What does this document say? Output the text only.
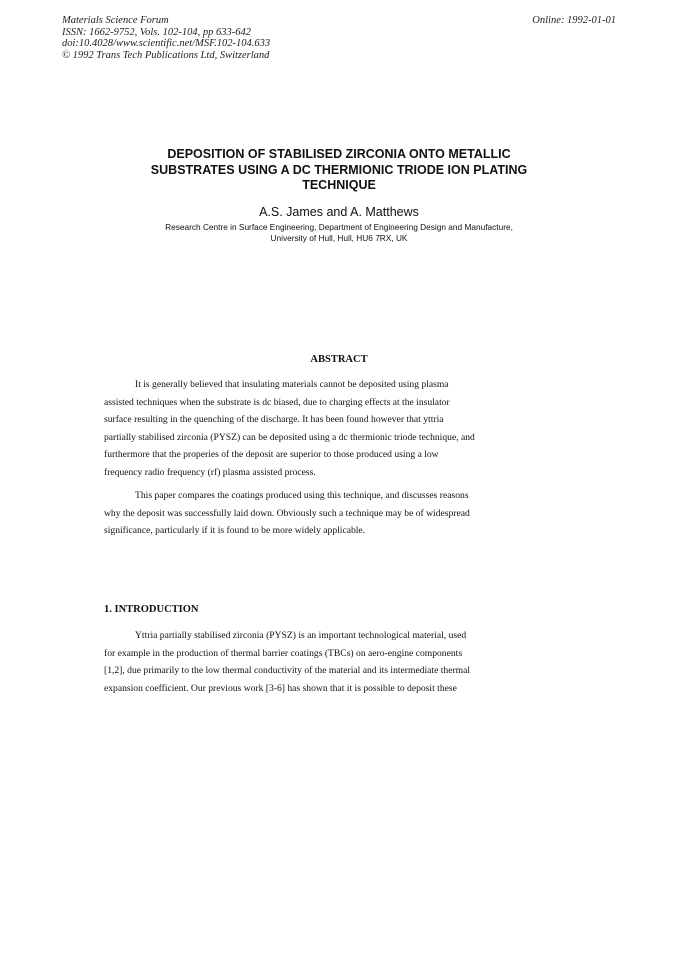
Materials Science Forum
ISSN: 1662-9752, Vols. 102-104, pp 633-642
doi:10.4028/www.scientific.net/MSF.102-104.633
© 1992 Trans Tech Publications Ltd, Switzerland
Online: 1992-01-01
DEPOSITION OF STABILISED ZIRCONIA ONTO METALLIC
SUBSTRATES USING A DC THERMIONIC TRIODE ION PLATING
TECHNIQUE
A.S. James and A. Matthews
Research Centre in Surface Engineering, Department of Engineering Design and Manufacture,
University of Hull, Hull, HU6 7RX, UK
ABSTRACT
It is generally believed that insulating materials cannot be deposited using plasma
assisted techniques when the substrate is dc biased, due to charging effects at the insulator
surface resulting in the quenching of the discharge. It has been found however that yttria
partially stabilised zirconia (PYSZ) can be deposited using a dc thermionic triode technique, and
furthermore that the properies of the deposit are superior to those produced using a low
frequency radio frequency (rf) plasma assisted process.
This paper compares the coatings produced using this technique, and discusses reasons
why the deposit was successfully laid down. Obviously such a technique may be of widespread
significance, particularly if it is found to be more widely applicable.
1. INTRODUCTION
Yttria partially stabilised zirconia (PYSZ) is an important technological material, used
for example in the production of thermal barrier coatings (TBCs) on aero-engine components
[1,2], due primarily to the low thermal conductivity of the material and its intermediate thermal
expansion coefficient. Our previous work [3-6] has shown that it is possible to deposit these
